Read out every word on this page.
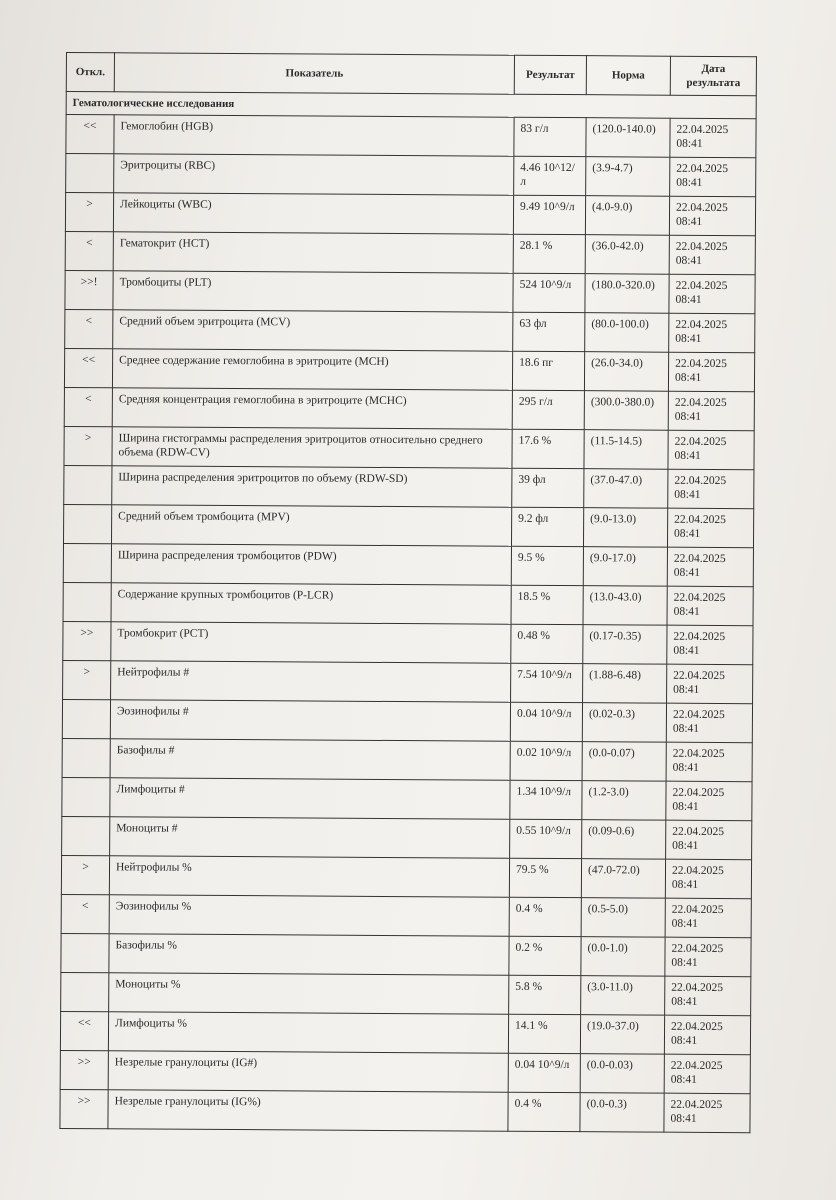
Откл.	Показатель	Результат	Норма	Дата результата
Гематологические исследования				
<<	Гемоглобин (HGB)	83 г/л	(120.0-140.0)	22.04.2025
08:41

	Эритроциты (RBC)	4.46 10^12/л	(3.9-4.7)	22.04.2025
08:41

>	Лейкоциты (WBC)	9.49 10^9/л	(4.0-9.0)	22.04.2025
08:41

<	Гематокрит (HCT)	28.1 %	(36.0-42.0)	22.04.2025
08:41

>>!	Тромбоциты (PLT)	524 10^9/л	(180.0-320.0)	22.04.2025
08:41

<	Средний объем эритроцита (MCV)	63 фл	(80.0-100.0)	22.04.2025
08:41

<<	Среднее содержание гемоглобина в эритроците (MCH)	18.6 пг	(26.0-34.0)	22.04.2025
08:41

<	Средняя концентрация гемоглобина в эритроците (MCHC)	295 г/л	(300.0-380.0)	22.04.2025
08:41

>	Ширина гистограммы распределения эритроцитов относительно среднего объема (RDW-CV)	17.6 %	(11.5-14.5)	22.04.2025
08:41

	Ширина распределения эритроцитов по объему (RDW-SD)	39 фл	(37.0-47.0)	22.04.2025
08:41

	Средний объем тромбоцита (MPV)	9.2 фл	(9.0-13.0)	22.04.2025
08:41

	Ширина распределения тромбоцитов (PDW)	9.5 %	(9.0-17.0)	22.04.2025
08:41

	Содержание крупных тромбоцитов (P-LCR)	18.5 %	(13.0-43.0)	22.04.2025
08:41

>>	Тромбокрит (PCT)	0.48 %	(0.17-0.35)	22.04.2025
08:41

>	Нейтрофилы #	7.54 10^9/л	(1.88-6.48)	22.04.2025
08:41

	Эозинофилы #	0.04 10^9/л	(0.02-0.3)	22.04.2025
08:41

	Базофилы #	0.02 10^9/л	(0.0-0.07)	22.04.2025
08:41

	Лимфоциты #	1.34 10^9/л	(1.2-3.0)	22.04.2025
08:41

	Моноциты #	0.55 10^9/л	(0.09-0.6)	22.04.2025
08:41

>	Нейтрофилы %	79.5 %	(47.0-72.0)	22.04.2025
08:41

<	Эозинофилы %	0.4 %	(0.5-5.0)	22.04.2025
08:41

	Базофилы %	0.2 %	(0.0-1.0)	22.04.2025
08:41

	Моноциты %	5.8 %	(3.0-11.0)	22.04.2025
08:41

<<	Лимфоциты %	14.1 %	(19.0-37.0)	22.04.2025
08:41

>>	Незрелые гранулоциты (IG#)	0.04 10^9/л	(0.0-0.03)	22.04.2025
08:41

>>	Незрелые гранулоциты (IG%)	0.4 %	(0.0-0.3)	22.04.2025
08:41
